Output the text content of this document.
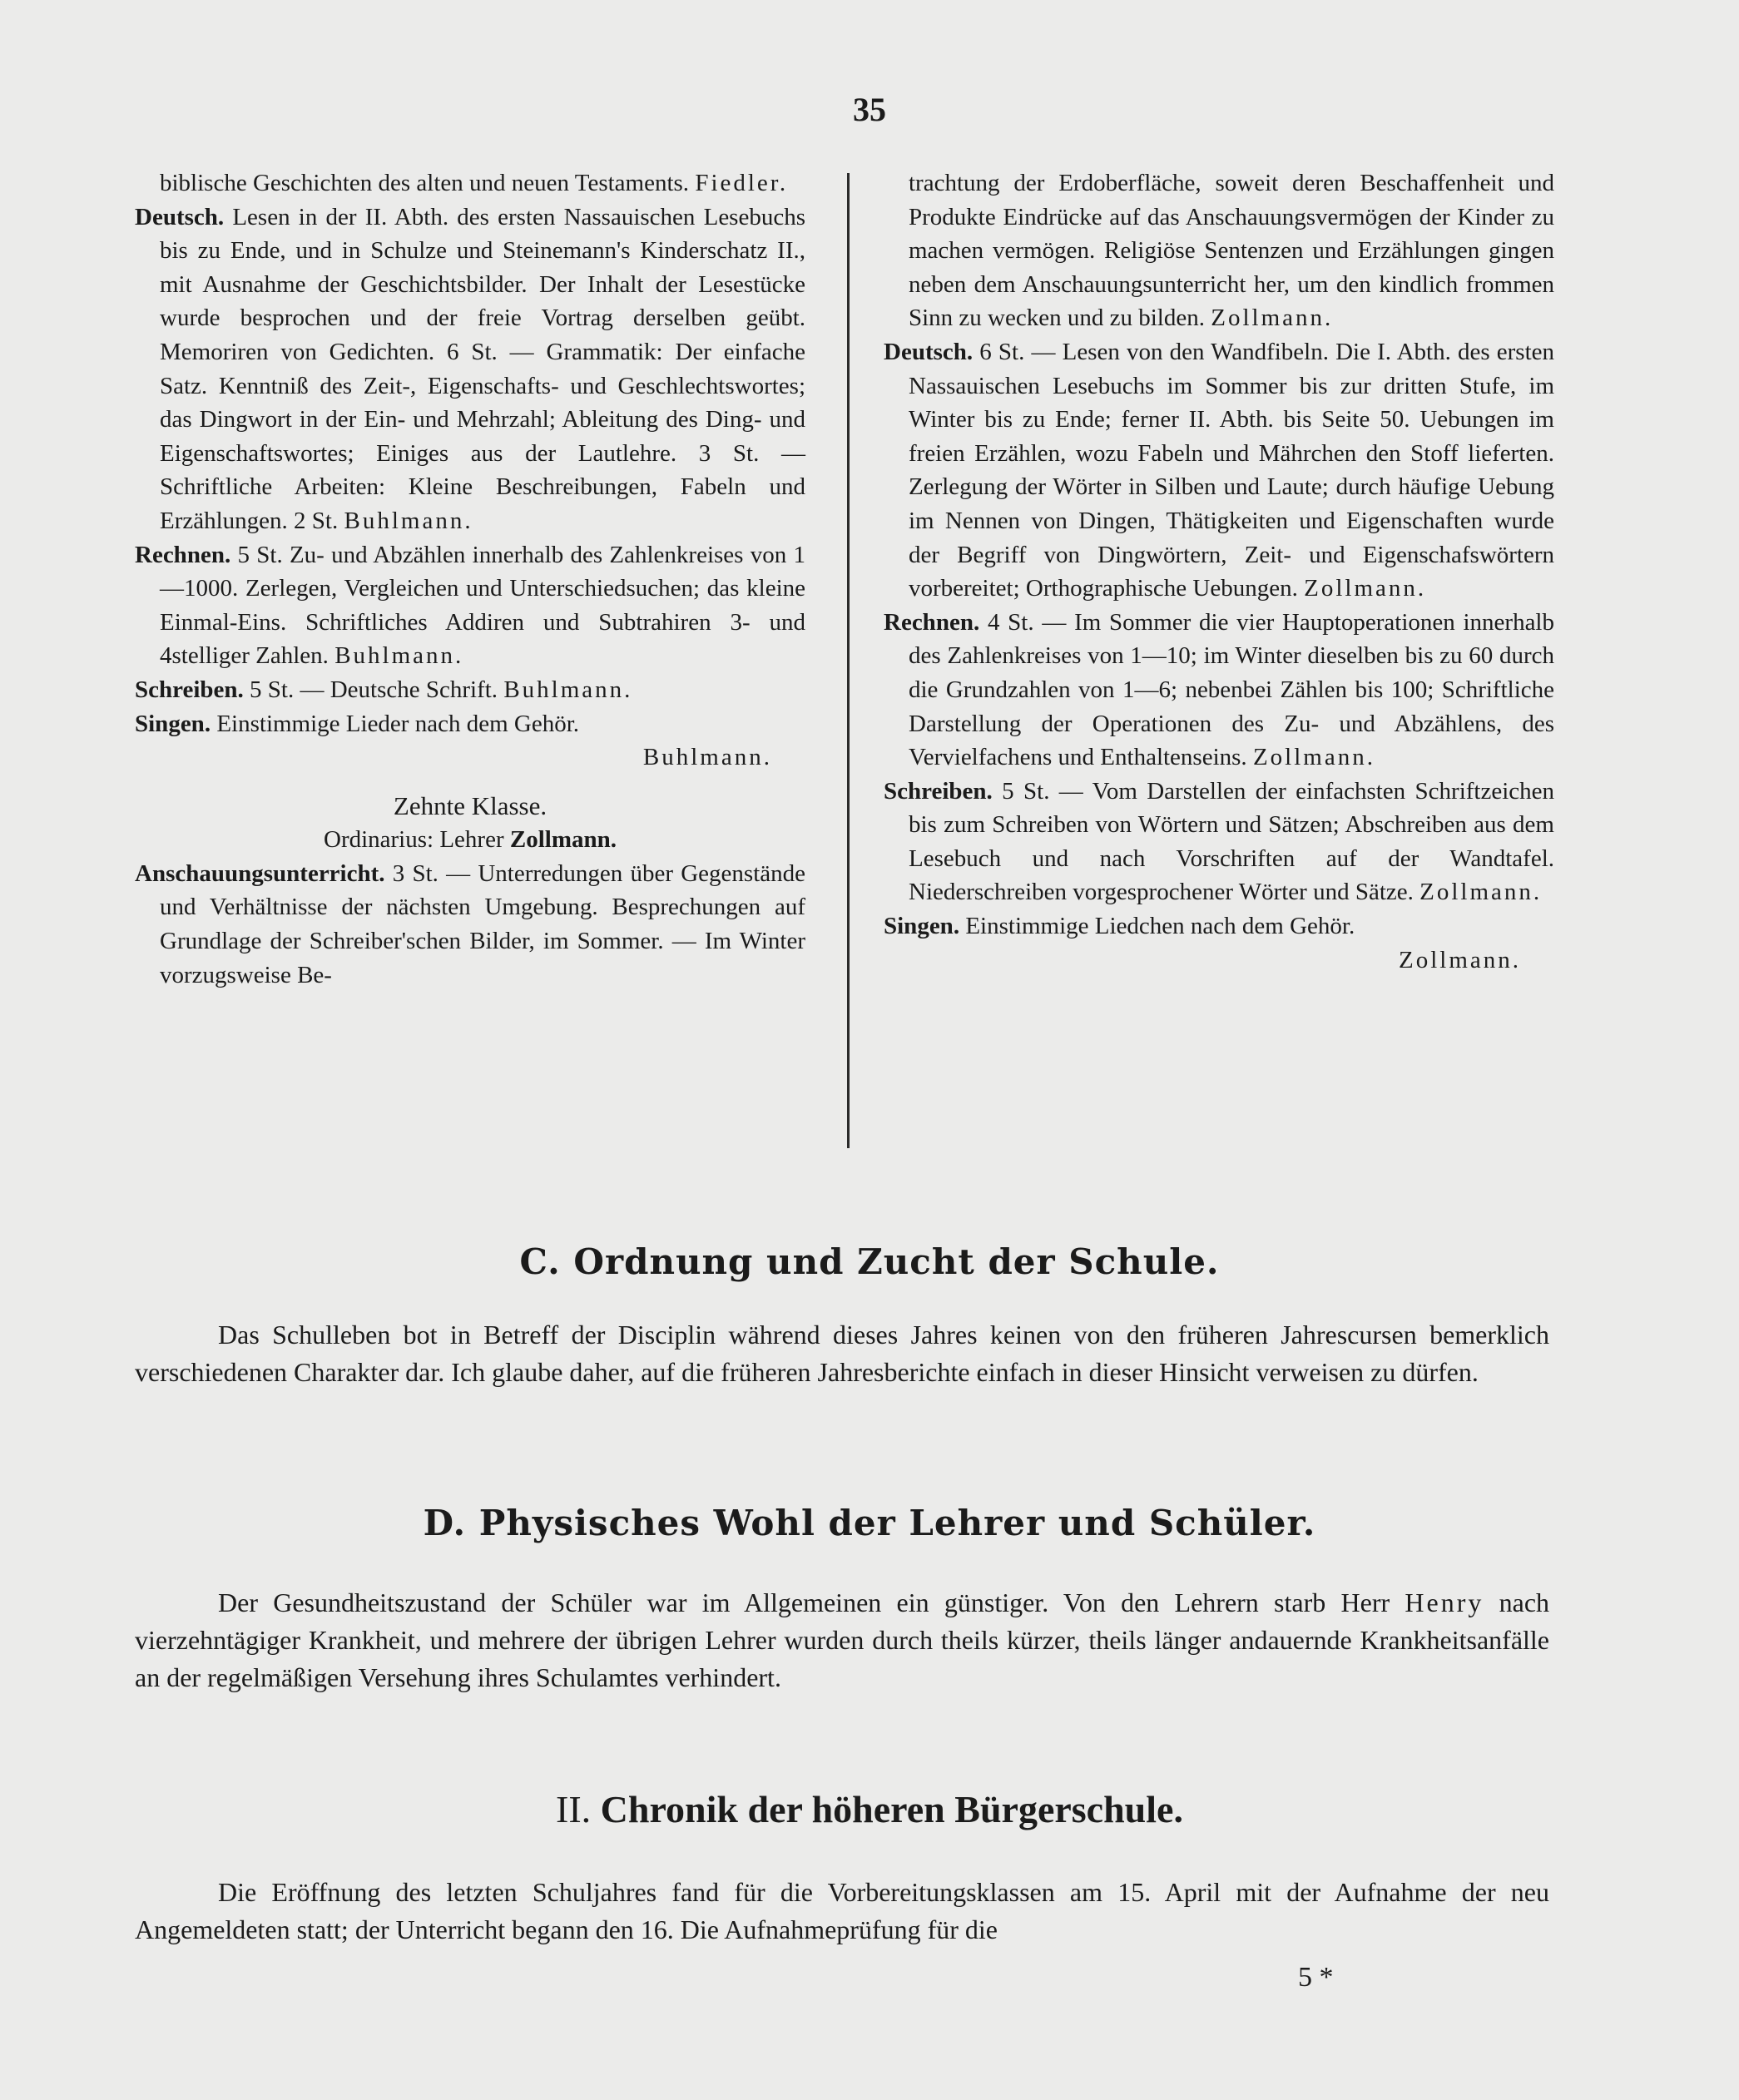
35

biblische Geschichten des alten und neuen Testaments. Fiedler.

Deutsch. Lesen in der II. Abth. des ersten Nassauischen Lesebuchs bis zu Ende, und in Schulze und Steinemann's Kinderschatz II., mit Ausnahme der Geschichtsbilder. Der Inhalt der Lesestücke wurde besprochen und der freie Vortrag derselben geübt. Memoriren von Gedichten. 6 St. — Grammatik: Der einfache Satz. Kenntniß des Zeit-, Eigenschafts- und Geschlechtswortes; das Dingwort in der Ein- und Mehrzahl; Ableitung des Ding- und Eigenschaftswortes; Einiges aus der Lautlehre. 3 St. — Schriftliche Arbeiten: Kleine Beschreibungen, Fabeln und Erzählungen. 2 St. Buhlmann.

Rechnen. 5 St. Zu- und Abzählen innerhalb des Zahlenkreises von 1—1000. Zerlegen, Vergleichen und Unterschiedsuchen; das kleine Einmal-Eins. Schriftliches Addiren und Subtrahiren 3- und 4stelliger Zahlen. Buhlmann.

Schreiben. 5 St. — Deutsche Schrift. Buhlmann.

Singen. Einstimmige Lieder nach dem Gehör.

Buhlmann.

Zehnte Klasse.

Ordinarius: Lehrer Zollmann.

Anschauungsunterricht. 3 St. — Unterredungen über Gegenstände und Verhältnisse der nächsten Umgebung. Besprechungen auf Grundlage der Schreiber'schen Bilder, im Sommer. — Im Winter vorzugsweise Be-

trachtung der Erdoberfläche, soweit deren Beschaffenheit und Produkte Eindrücke auf das Anschauungsvermögen der Kinder zu machen vermögen. Religiöse Sentenzen und Erzählungen gingen neben dem Anschauungsunterricht her, um den kindlich frommen Sinn zu wecken und zu bilden. Zollmann.

Deutsch. 6 St. — Lesen von den Wandfibeln. Die I. Abth. des ersten Nassauischen Lesebuchs im Sommer bis zur dritten Stufe, im Winter bis zu Ende; ferner II. Abth. bis Seite 50. Uebungen im freien Erzählen, wozu Fabeln und Mährchen den Stoff lieferten. Zerlegung der Wörter in Silben und Laute; durch häufige Uebung im Nennen von Dingen, Thätigkeiten und Eigenschaften wurde der Begriff von Dingwörtern, Zeit- und Eigenschafswörtern vorbereitet; Orthographische Uebungen. Zollmann.

Rechnen. 4 St. — Im Sommer die vier Hauptoperationen innerhalb des Zahlenkreises von 1—10; im Winter dieselben bis zu 60 durch die Grundzahlen von 1—6; nebenbei Zählen bis 100; Schriftliche Darstellung der Operationen des Zu- und Abzählens, des Vervielfachens und Enthaltenseins. Zollmann.

Schreiben. 5 St. — Vom Darstellen der einfachsten Schriftzeichen bis zum Schreiben von Wörtern und Sätzen; Abschreiben aus dem Lesebuch und nach Vorschriften auf der Wandtafel. Niederschreiben vorgesprochener Wörter und Sätze. Zollmann.

Singen. Einstimmige Liedchen nach dem Gehör.

Zollmann.

C. Ordnung und Zucht der Schule.

Das Schulleben bot in Betreff der Disciplin während dieses Jahres keinen von den früheren Jahrescursen bemerklich verschiedenen Charakter dar. Ich glaube daher, auf die früheren Jahresberichte einfach in dieser Hinsicht verweisen zu dürfen.

D. Physisches Wohl der Lehrer und Schüler.

Der Gesundheitszustand der Schüler war im Allgemeinen ein günstiger. Von den Lehrern starb Herr Henry nach vierzehntägiger Krankheit, und mehrere der übrigen Lehrer wurden durch theils kürzer, theils länger andauernde Krankheitsanfälle an der regelmäßigen Versehung ihres Schulamtes verhindert.

II. Chronik der höheren Bürgerschule.

Die Eröffnung des letzten Schuljahres fand für die Vorbereitungsklassen am 15. April mit der Aufnahme der neu Angemeldeten statt; der Unterricht begann den 16. Die Aufnahmeprüfung für die

5 *
